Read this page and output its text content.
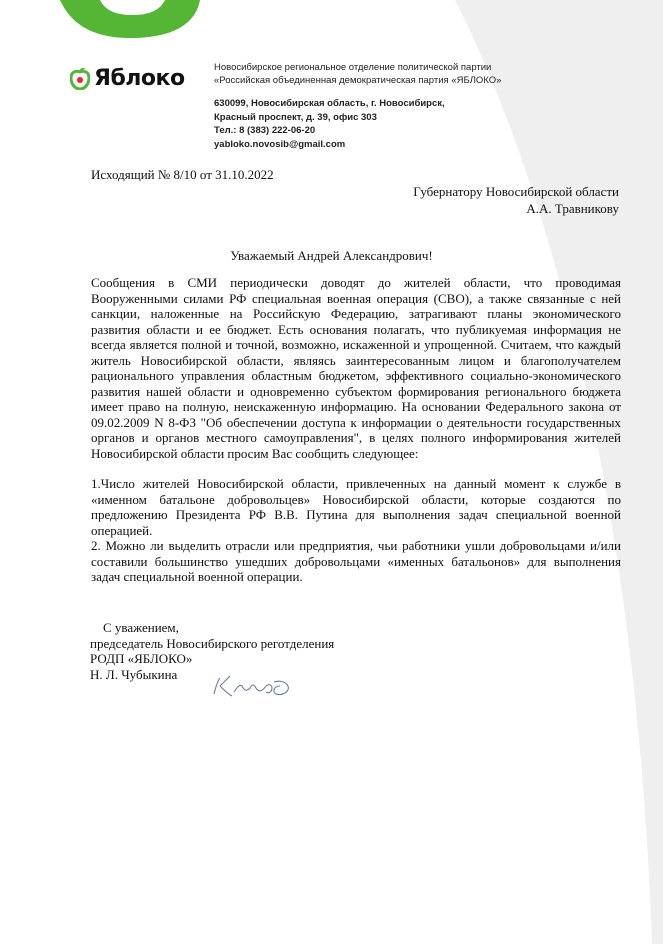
Яблоко	Новосибирское региональное отделение политической партии
«Российская объединенная демократическая партия «ЯБЛОКО»
630099, Новосибирская область, г. Новосибирск,
Красный проспект, д. 39, офис 303
Тел.: 8 (383) 222-06-20
yabloko.novosib@gmail.com
Исходящий № 8/10 от 31.10.2022
Губернатору Новосибирской области
А.А. Травникову
Уважаемый Андрей Александрович!

Сообщения в СМИ периодически доводят до жителей области, что проводимая Вооруженными силами РФ специальная военная операция (СВО), а также связанные с ней санкции, наложенные на Российскую Федерацию, затрагивают планы экономического развития области и ее бюджет. Есть основания полагать, что публикуемая информация не всегда является полной и точной, возможно, искаженной и упрощенной. Считаем, что каждый житель Новосибирской области, являясь заинтересованным лицом и благополучателем рационального управления областным бюджетом, эффективного социально-экономического развития нашей области и одновременно субъектом формирования регионального бюджета имеет право на полную, неискаженную информацию. На основании Федерального закона от 09.02.2009 N 8-ФЗ "Об обеспечении доступа к информации о деятельности государственных органов и органов местного самоуправления", в целях полного информирования жителей Новосибирской области просим Вас сообщить следующее:

1.Число жителей Новосибирской области, привлеченных на данный момент к службе в «именном батальоне добровольцев» Новосибирской области, которые создаются по предложению Президента РФ В.В. Путина для выполнения задач специальной военной операцией.

2. Можно ли выделить отрасли или предприятия, чьи работники ушли добровольцами и/или составили большинство ушедших добровольцами «именных батальонов» для выполнения задач специальной военной операции.

С уважением,
председатель Новосибирского реготделения
РОДП «ЯБЛОКО»
Н. Л. Чубыкина
